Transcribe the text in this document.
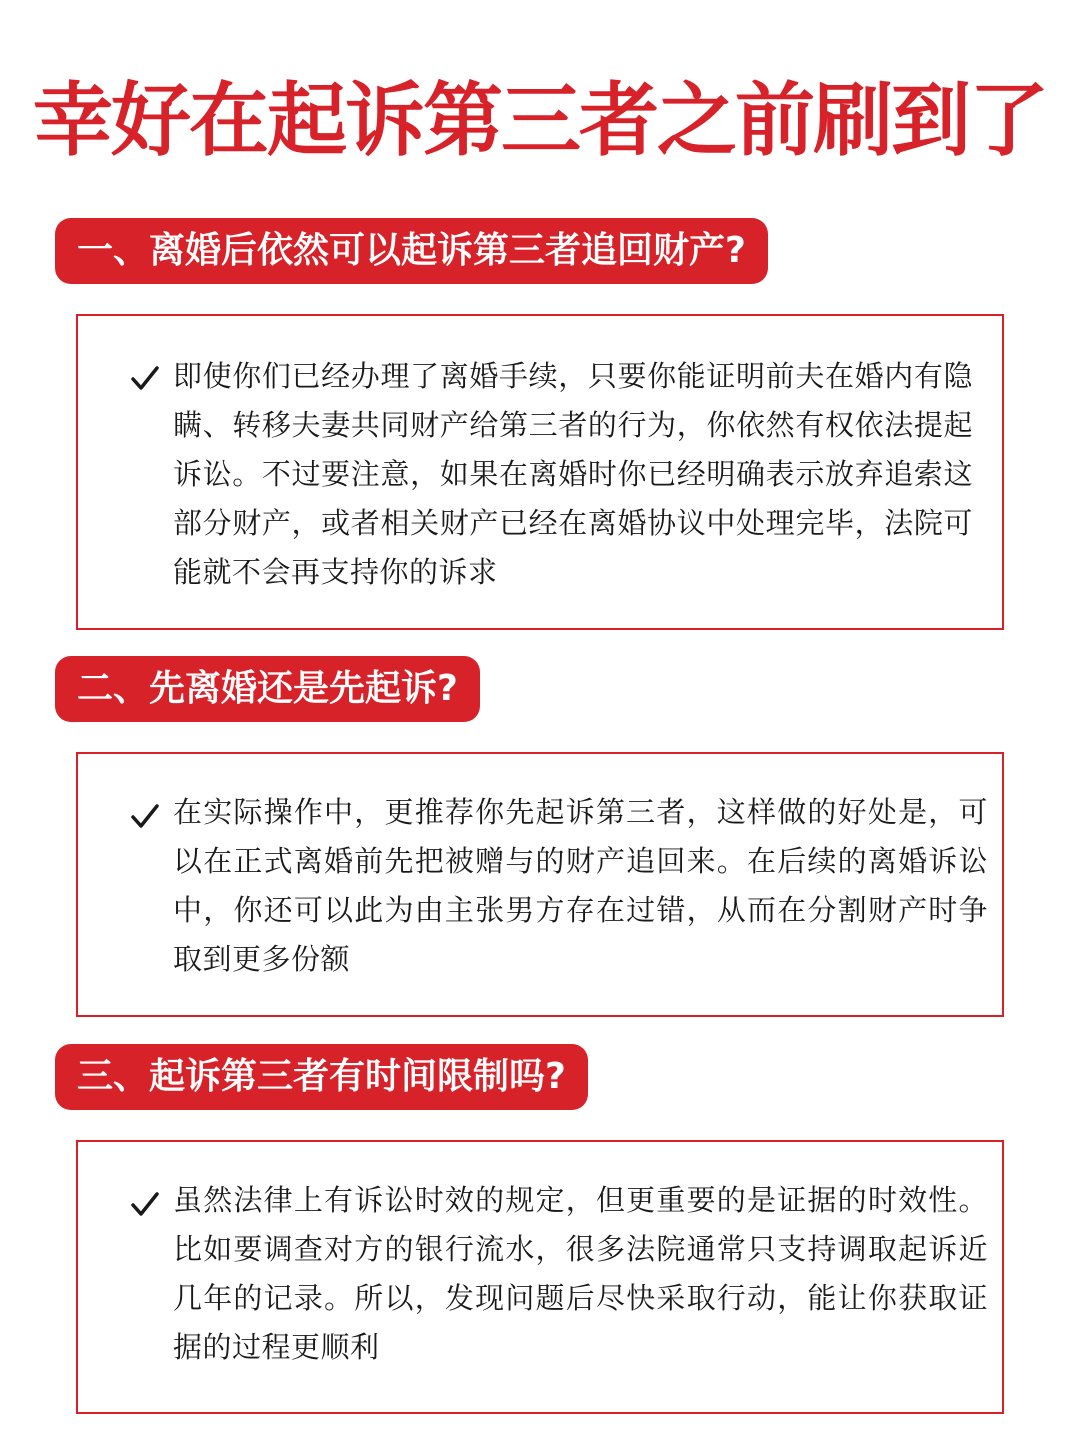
幸好在起诉第三者之前刷到了
一、离婚后依然可以起诉第三者追回财产?
即使你们已经办理了离婚手续，只要你能证明前夫在婚内有隐瞒、转移夫妻共同财产给第三者的行为，你依然有权依法提起诉讼。不过要注意，如果在离婚时你已经明确表示放弃追索这部分财产，或者相关财产已经在离婚协议中处理完毕，法院可能就不会再支持你的诉求
二、先离婚还是先起诉?
在实际操作中，更推荐你先起诉第三者，这样做的好处是，可以在正式离婚前先把被赠与的财产追回来。在后续的离婚诉讼中，你还可以此为由主张男方存在过错，从而在分割财产时争取到更多份额
三、起诉第三者有时间限制吗?
虽然法律上有诉讼时效的规定，但更重要的是证据的时效性。比如要调查对方的银行流水，很多法院通常只支持调取起诉近几年的记录。所以，发现问题后尽快采取行动，能让你获取证据的过程更顺利
